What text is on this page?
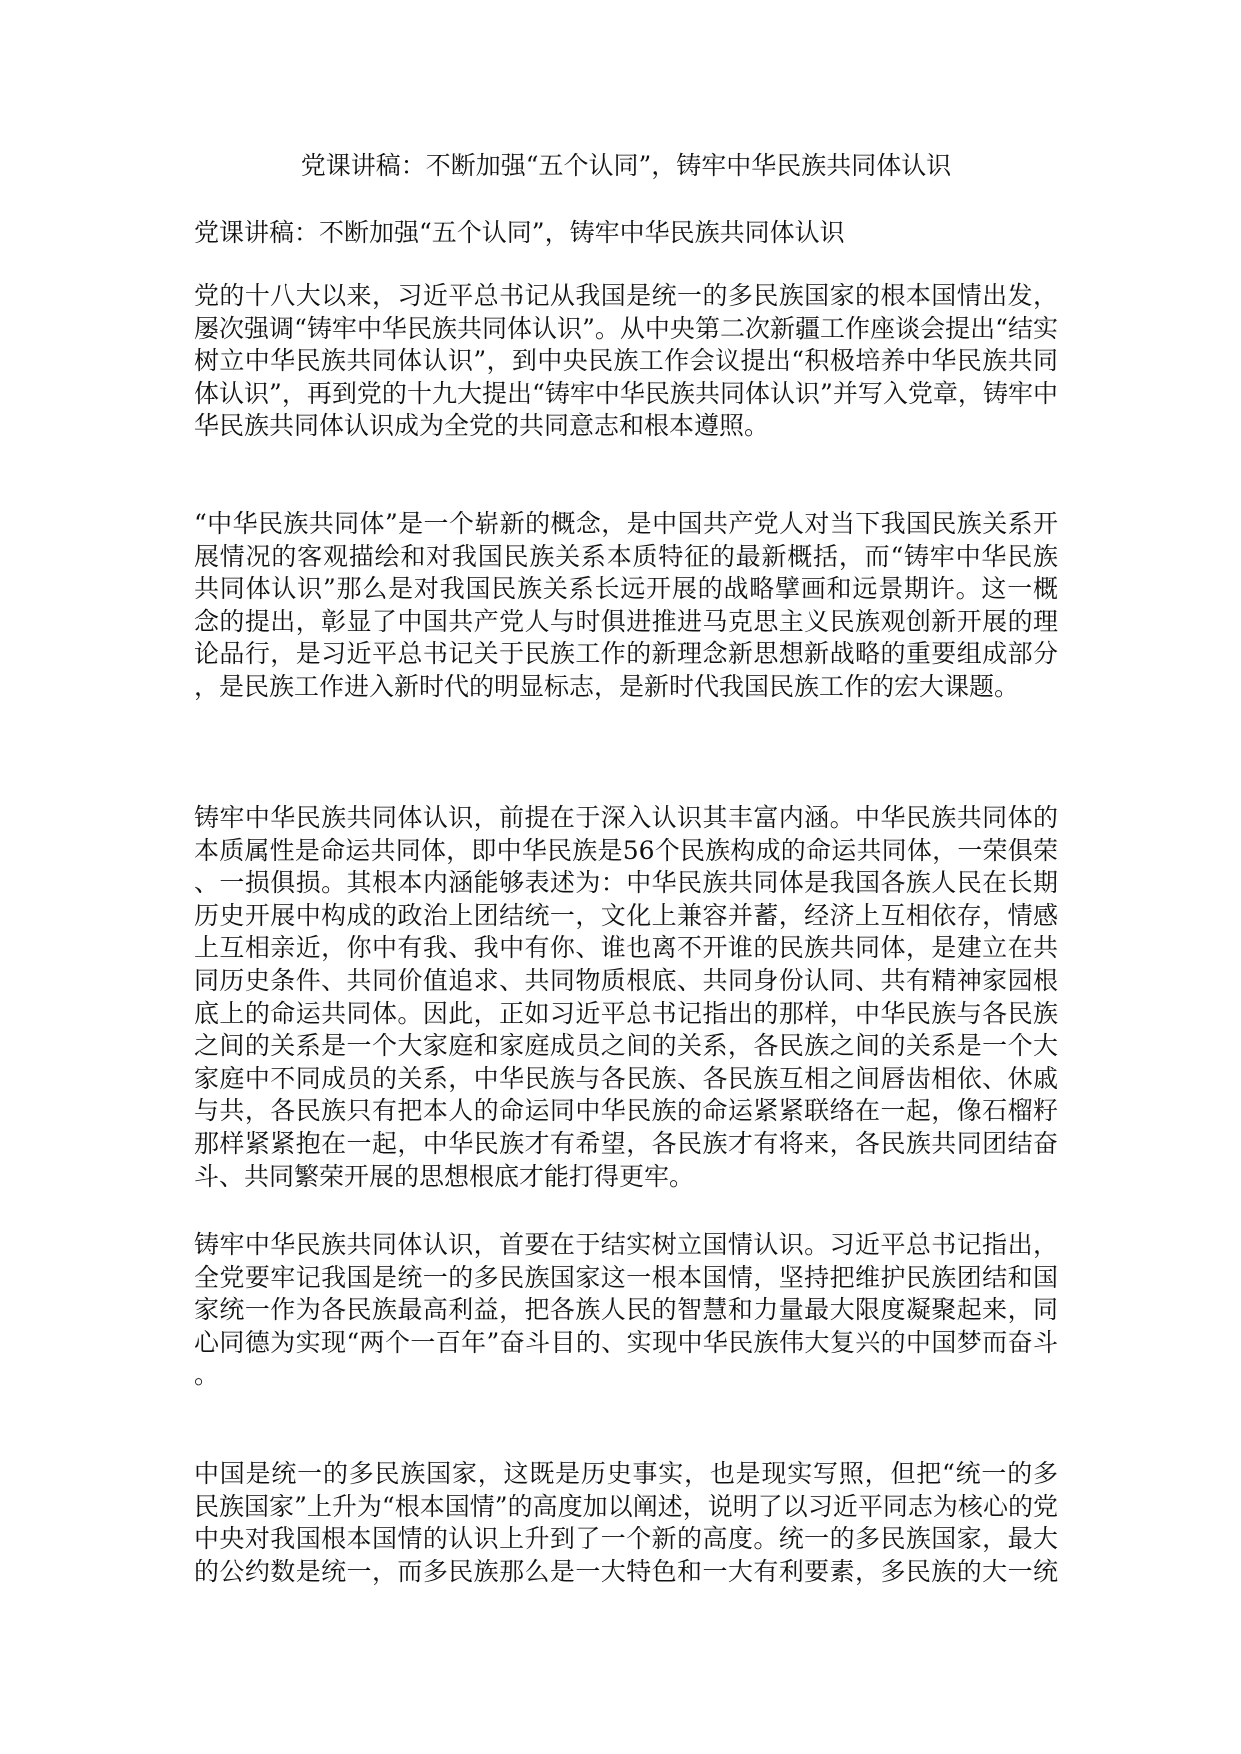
党课讲稿：不断加强“五个认同”，铸牢中华民族共同体认识
党课讲稿：不断加强“五个认同”，铸牢中华民族共同体认识
党的十八大以来，习近平总书记从我国是统一的多民族国家的根本国情出发，
屡次强调“铸牢中华民族共同体认识”。从中央第二次新疆工作座谈会提出“结实
树立中华民族共同体认识”，到中央民族工作会议提出“积极培养中华民族共同
体认识”，再到党的十九大提出“铸牢中华民族共同体认识”并写入党章，铸牢中
华民族共同体认识成为全党的共同意志和根本遵照。
“中华民族共同体”是一个崭新的概念，是中国共产党人对当下我国民族关系开
展情况的客观描绘和对我国民族关系本质特征的最新概括，而“铸牢中华民族
共同体认识”那么是对我国民族关系长远开展的战略擘画和远景期许。这一概
念的提出，彰显了中国共产党人与时俱进推进马克思主义民族观创新开展的理
论品行，是习近平总书记关于民族工作的新理念新思想新战略的重要组成部分
，是民族工作进入新时代的明显标志，是新时代我国民族工作的宏大课题。
铸牢中华民族共同体认识，前提在于深入认识其丰富内涵。中华民族共同体的
本质属性是命运共同体，即中华民族是56个民族构成的命运共同体，一荣俱荣
、一损俱损。其根本内涵能够表述为：中华民族共同体是我国各族人民在长期
历史开展中构成的政治上团结统一，文化上兼容并蓄，经济上互相依存，情感
上互相亲近，你中有我、我中有你、谁也离不开谁的民族共同体，是建立在共
同历史条件、共同价值追求、共同物质根底、共同身份认同、共有精神家园根
底上的命运共同体。因此，正如习近平总书记指出的那样，中华民族与各民族
之间的关系是一个大家庭和家庭成员之间的关系，各民族之间的关系是一个大
家庭中不同成员的关系，中华民族与各民族、各民族互相之间唇齿相依、休戚
与共，各民族只有把本人的命运同中华民族的命运紧紧联络在一起，像石榴籽
那样紧紧抱在一起，中华民族才有希望，各民族才有将来，各民族共同团结奋
斗、共同繁荣开展的思想根底才能打得更牢。
铸牢中华民族共同体认识，首要在于结实树立国情认识。习近平总书记指出，
全党要牢记我国是统一的多民族国家这一根本国情，坚持把维护民族团结和国
家统一作为各民族最高利益，把各族人民的智慧和力量最大限度凝聚起来，同
心同德为实现“两个一百年”奋斗目的、实现中华民族伟大复兴的中国梦而奋斗
。
中国是统一的多民族国家，这既是历史事实，也是现实写照，但把“统一的多
民族国家”上升为“根本国情”的高度加以阐述，说明了以习近平同志为核心的党
中央对我国根本国情的认识上升到了一个新的高度。统一的多民族国家，最大
的公约数是统一，而多民族那么是一大特色和一大有利要素，多民族的大一统
